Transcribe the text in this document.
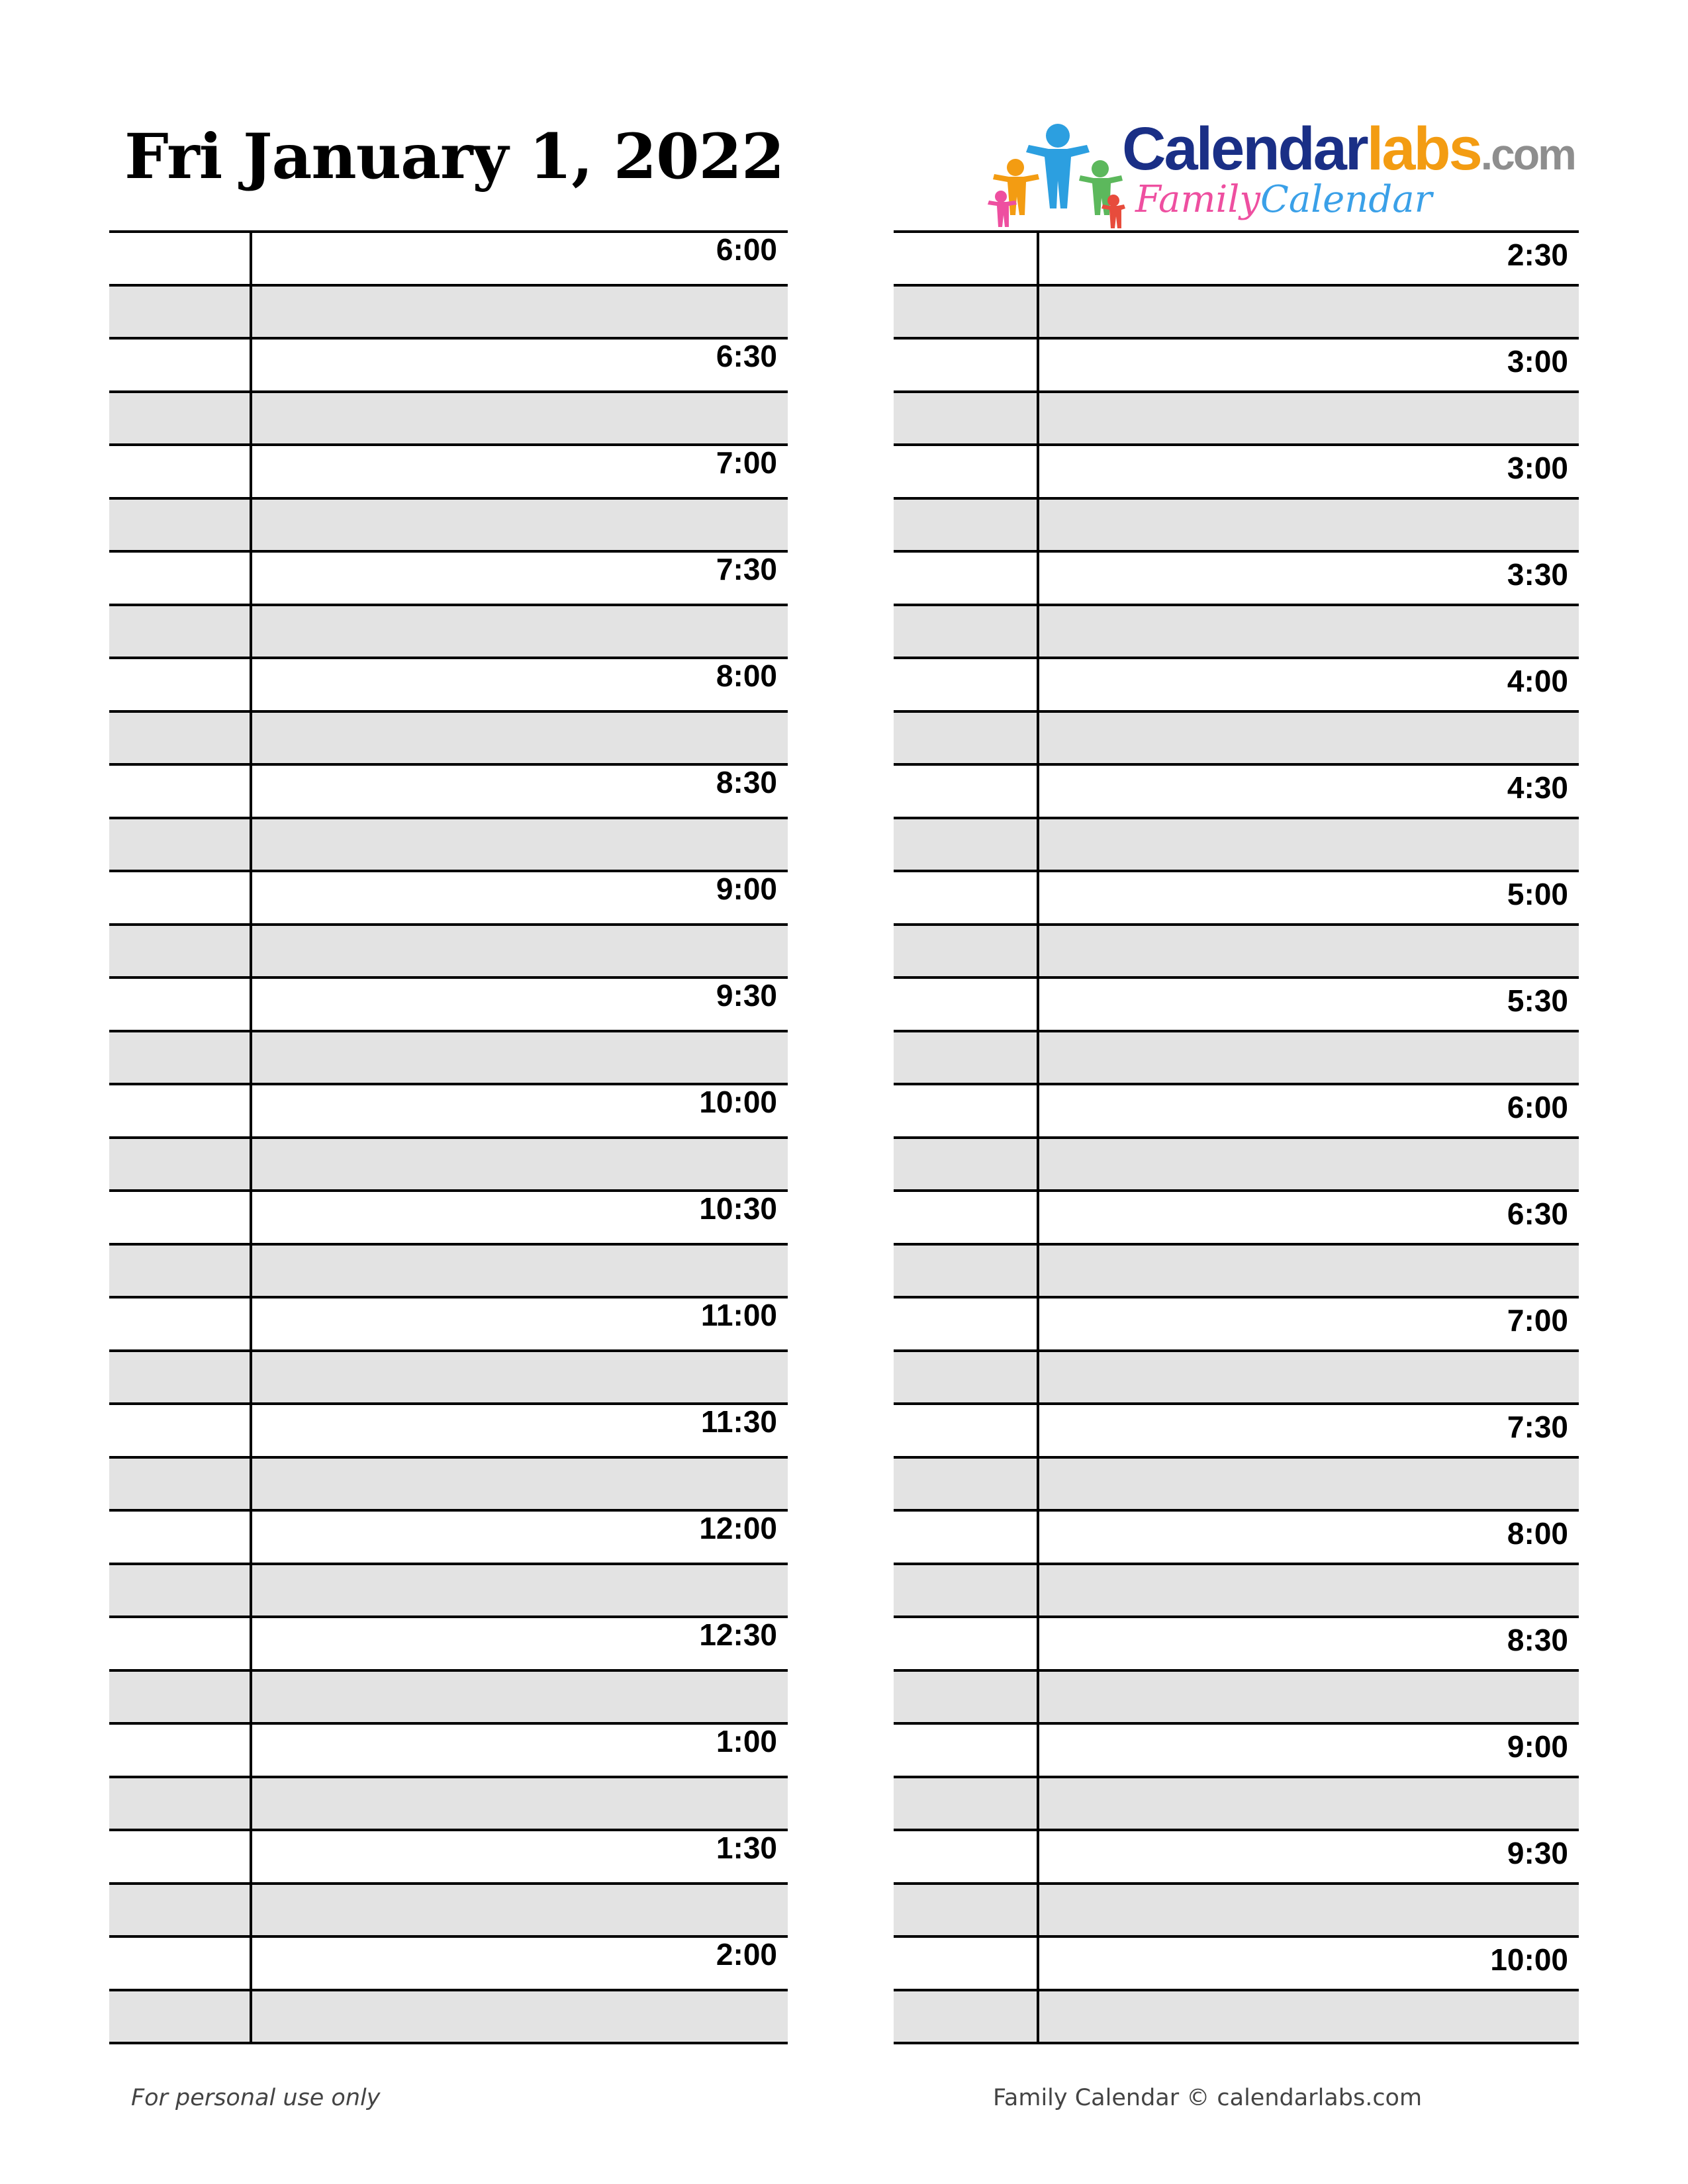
Fri January 1, 2022	Calendarlabs.com
FamilyCalendar
6:00
6:30
7:00
7:30
8:00
8:30
9:00
9:30
10:00
10:30
11:00
11:30
12:00
12:30
1:00
1:30
2:00
2:30
3:00
3:00
3:30
4:00
4:30
5:00
5:30
6:00
6:30
7:00
7:30
8:00
8:30
9:00
9:30
10:00
For personal use only	Family Calendar © calendarlabs.com
